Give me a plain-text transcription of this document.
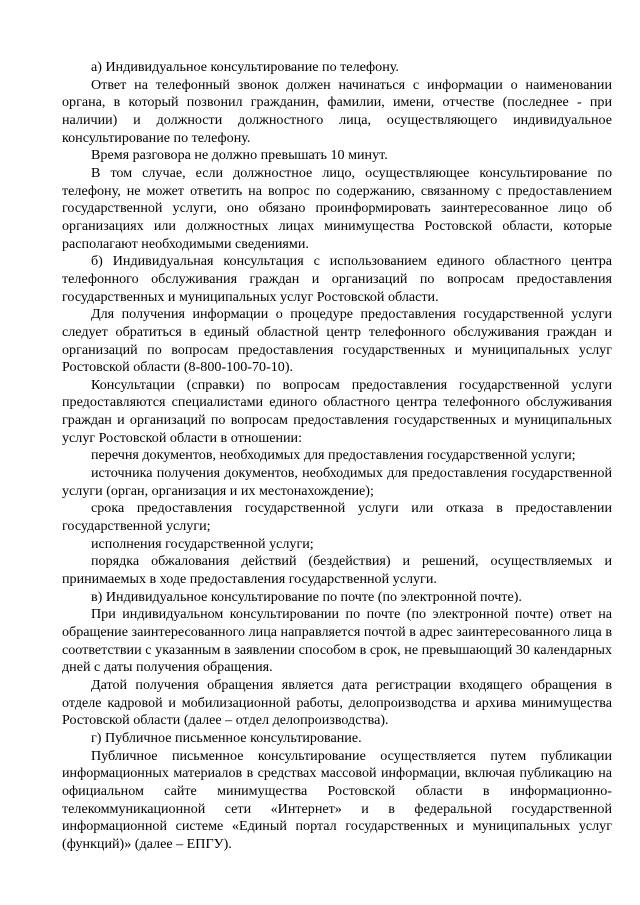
а) Индивидуальное консультирование по телефону.

Ответ на телефонный звонок должен начинаться с информации о наименовании органа, в который позвонил гражданин, фамилии, имени, отчестве (последнее - при наличии) и должности должностного лица, осуществляющего индивидуальное консультирование по телефону.

Время разговора не должно превышать 10 минут.

В том случае, если должностное лицо, осуществляющее консультирование по телефону, не может ответить на вопрос по содержанию, связанному с предоставлением государственной услуги, оно обязано проинформировать заинтересованное лицо об организациях или должностных лицах минимущества Ростовской области, которые располагают необходимыми сведениями.

б) Индивидуальная консультация с использованием единого областного центра телефонного обслуживания граждан и организаций по вопросам предоставления государственных и муниципальных услуг Ростовской области.

Для получения информации о процедуре предоставления государственной услуги следует обратиться в единый областной центр телефонного обслуживания граждан и организаций по вопросам предоставления государственных и муниципальных услуг Ростовской области (8-800-100-70-10).

Консультации (справки) по вопросам предоставления государственной услуги предоставляются специалистами единого областного центра телефонного обслуживания граждан и организаций по вопросам предоставления государственных и муниципальных услуг Ростовской области в отношении:

перечня документов, необходимых для предоставления государственной услуги;

источника получения документов, необходимых для предоставления государственной услуги (орган, организация и их местонахождение);

срока предоставления государственной услуги или отказа в предоставлении государственной услуги;

исполнения государственной услуги;

порядка обжалования действий (бездействия) и решений, осуществляемых и принимаемых в ходе предоставления государственной услуги.

в) Индивидуальное консультирование по почте (по электронной почте).

При индивидуальном консультировании по почте (по электронной почте) ответ на обращение заинтересованного лица направляется почтой в адрес заинтересованного лица в соответствии с указанным в заявлении способом в срок, не превышающий 30 календарных дней с даты получения обращения.

Датой получения обращения является дата регистрации входящего обращения в отделе кадровой и мобилизационной работы, делопроизводства и архива минимущества Ростовской области (далее – отдел делопроизводства).

г) Публичное письменное консультирование.

Публичное письменное консультирование осуществляется путем публикации информационных материалов в средствах массовой информации, включая публикацию на официальном сайте минимущества Ростовской области в информационно-телекоммуникационной сети «Интернет» и в федеральной государственной информационной системе «Единый портал государственных и муниципальных услуг (функций)» (далее – ЕПГУ).
